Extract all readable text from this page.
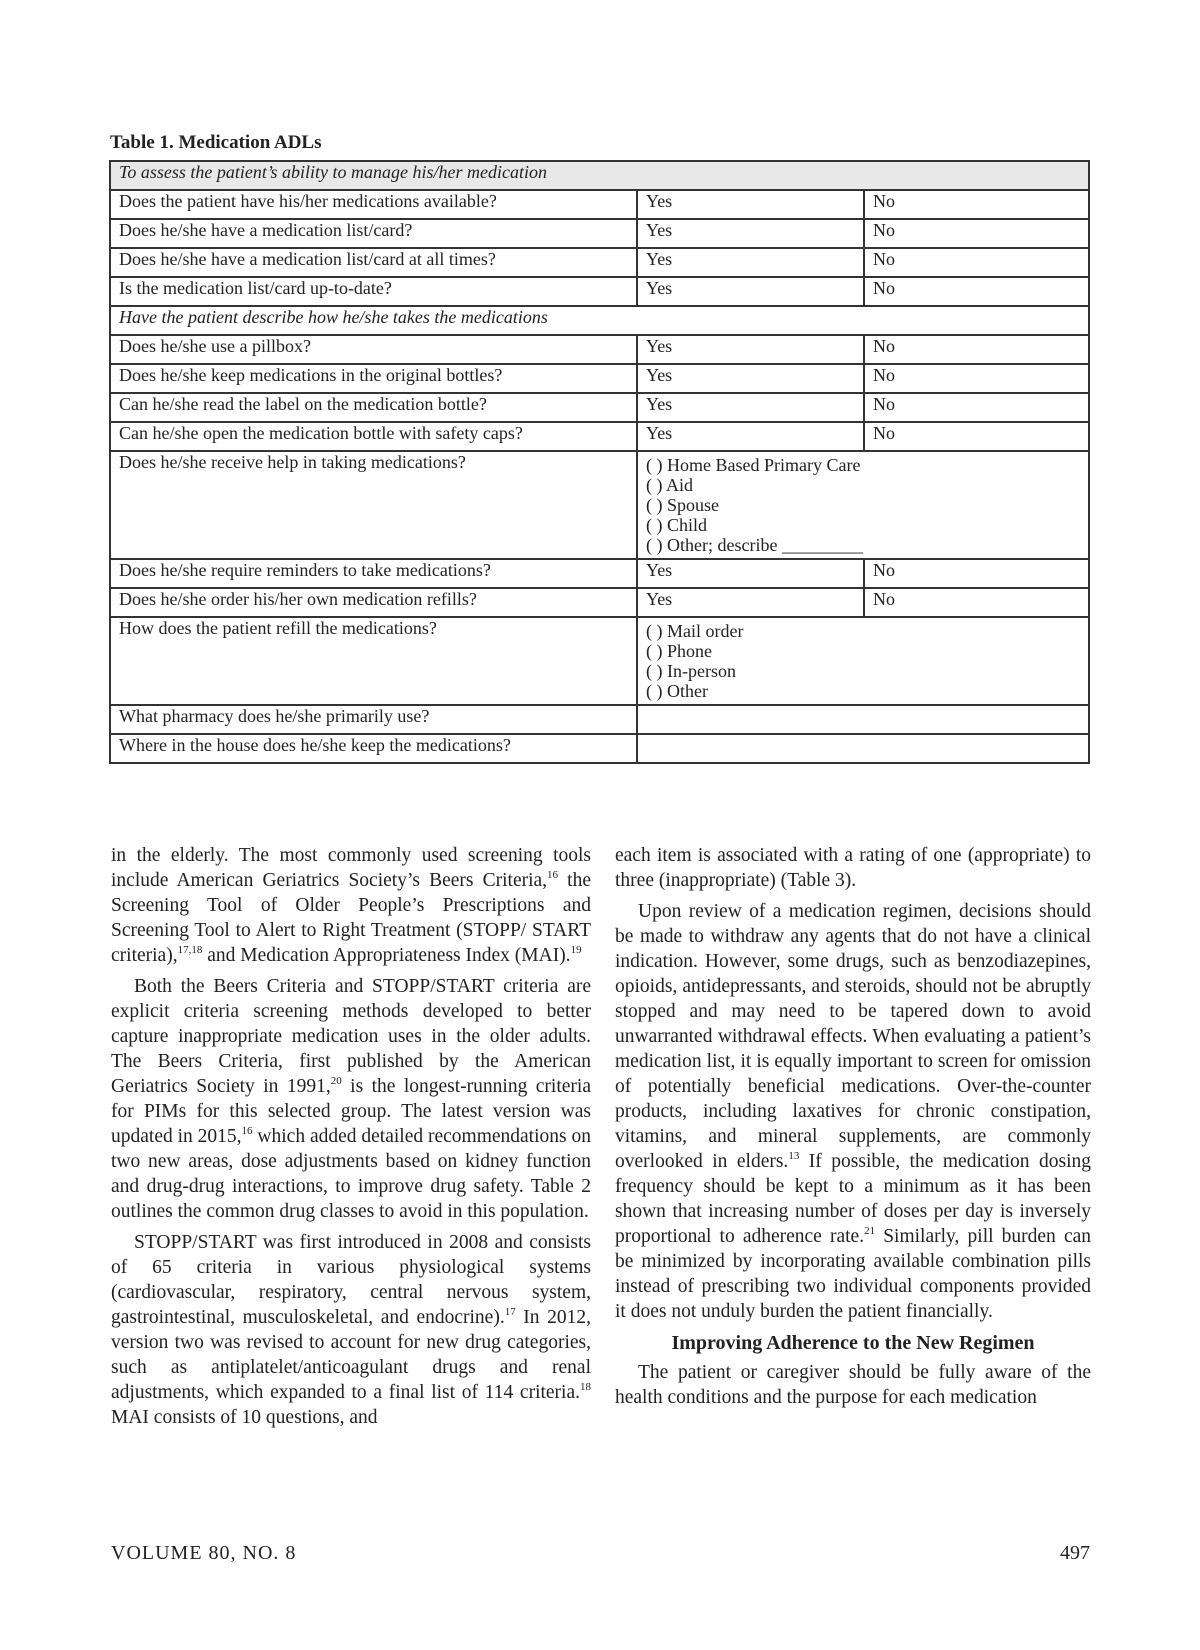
Table 1. Medication ADLs
To assess the patient’s ability to manage his/her medication		
Does the patient have his/her medications available?	Yes	No
Does he/she have a medication list/card?	Yes	No
Does he/she have a medication list/card at all times?	Yes	No
Is the medication list/card up-to-date?	Yes	No
Have the patient describe how he/she takes the medications		
Does he/she use a pillbox?	Yes	No
Does he/she keep medications in the original bottles?	Yes	No
Can he/she read the label on the medication bottle?	Yes	No
Can he/she open the medication bottle with safety caps?	Yes	No
Does he/she receive help in taking medications?	( ) Home Based Primary Care
( ) Aid
( ) Spouse
( ) Child
( ) Other; describe _________	

Does he/she require reminders to take medications?	Yes	No
Does he/she order his/her own medication refills?	Yes	No
How does the patient refill the medications?	( ) Mail order
( ) Phone
( ) In-person
( ) Other	

What pharmacy does he/she primarily use?		
Where in the house does he/she keep the medications?		

in the elderly. The most commonly used screening tools include American Geriatrics Society’s Beers Criteria,$^{16}$ the Screening Tool of Older People’s Prescriptions and Screening Tool to Alert to Right Treatment (STOPP/ START criteria),$^{17,18}$ and Medication Appropriateness Index (MAI).$^{19}$

Both the Beers Criteria and STOPP/START criteria are explicit criteria screening methods developed to better capture inappropriate medication uses in the older adults. The Beers Criteria, first published by the American Geriatrics Society in 1991,20 is the longest-running criteria for PIMs for this selected group. The latest version was updated in 2015,16 which added detailed recommendations on two new areas, dose adjustments based on kidney function and drug-drug interactions, to improve drug safety. Table 2 outlines the common drug classes to avoid in this population.

STOPP/START was first introduced in 2008 and consists of 65 criteria in various physiological systems (cardiovascular, respiratory, central nervous system, gastrointestinal, musculoskeletal, and endocrine).$^{17}$ In 2012, version two was revised to account for new drug categories, such as antiplatelet/anticoagulant drugs and renal adjustments, which expanded to a final list of 114 criteria.$^{18}$ MAI consists of 10 questions, and

each item is associated with a rating of one (appropriate) to three (inappropriate) (Table 3).

Upon review of a medication regimen, decisions should be made to withdraw any agents that do not have a clinical indication. However, some drugs, such as benzodiazepines, opioids, antidepressants, and steroids, should not be abruptly stopped and may need to be tapered down to avoid unwarranted withdrawal effects. When evaluating a patient’s medication list, it is equally important to screen for omission of potentially beneficial medications. Over-the-counter products, including laxatives for chronic constipation, vitamins, and mineral supplements, are commonly overlooked in elders.$^{13}$ If possible, the medication dosing frequency should be kept to a minimum as it has been shown that increasing number of doses per day is inversely proportional to adherence rate.$^{21}$ Similarly, pill burden can be minimized by incorporating available combination pills instead of prescribing two individual components provided it does not unduly burden the patient financially.

Improving Adherence to the New Regimen

The patient or caregiver should be fully aware of the health conditions and the purpose for each medication

VOLUME 80, NO. 8	497
